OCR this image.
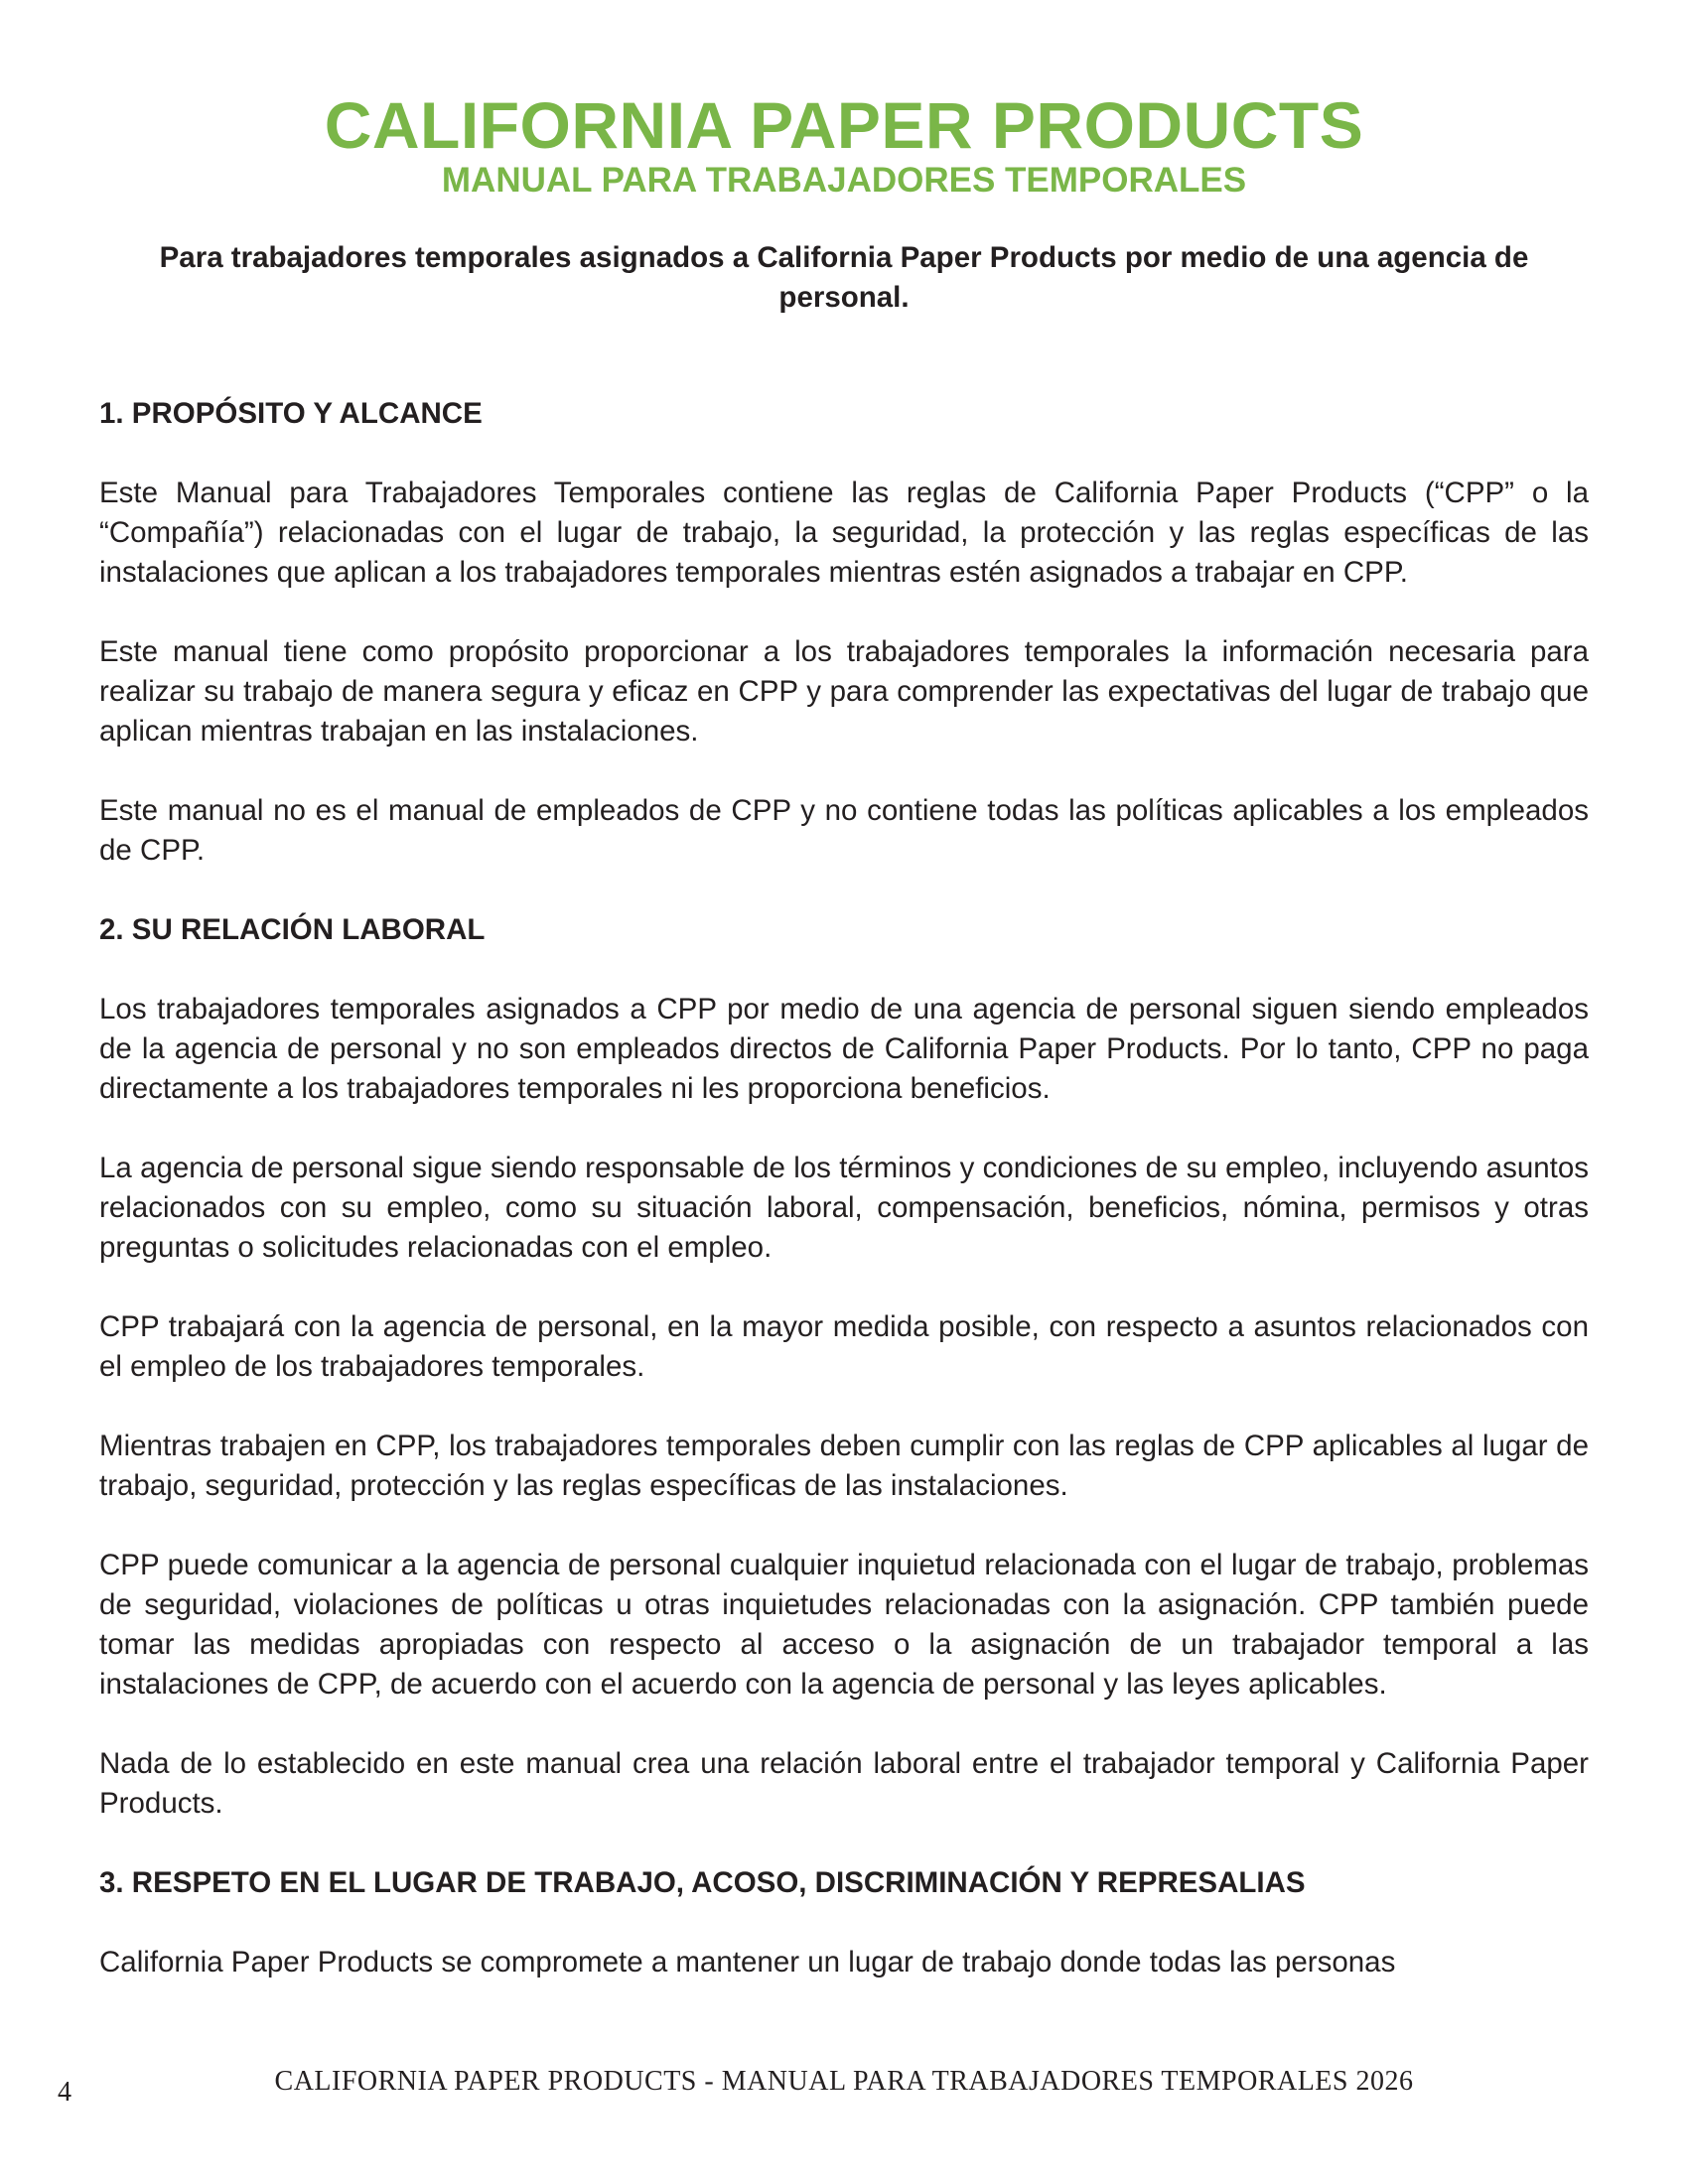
CALIFORNIA PAPER PRODUCTS
MANUAL PARA TRABAJADORES TEMPORALES
Para trabajadores temporales asignados a California Paper Products por medio de una agencia de personal.
1. PROPÓSITO Y ALCANCE

Este Manual para Trabajadores Temporales contiene las reglas de California Paper Products (“CPP” o la “Compañía”) relacionadas con el lugar de trabajo, la seguridad, la protección y las reglas específicas de las instalaciones que aplican a los trabajadores temporales mientras estén asignados a trabajar en CPP.

Este manual tiene como propósito proporcionar a los trabajadores temporales la información necesaria para realizar su trabajo de manera segura y eficaz en CPP y para comprender las expectativas del lugar de trabajo que aplican mientras trabajan en las instalaciones.

Este manual no es el manual de empleados de CPP y no contiene todas las políticas aplicables a los empleados de CPP.

2. SU RELACIÓN LABORAL

Los trabajadores temporales asignados a CPP por medio de una agencia de personal siguen siendo empleados de la agencia de personal y no son empleados directos de California Paper Products. Por lo tanto, CPP no paga directamente a los trabajadores temporales ni les proporciona beneficios.

La agencia de personal sigue siendo responsable de los términos y condiciones de su empleo, incluyendo asuntos relacionados con su empleo, como su situación laboral, compensación, beneficios, nómina, permisos y otras preguntas o solicitudes relacionadas con el empleo.

CPP trabajará con la agencia de personal, en la mayor medida posible, con respecto a asuntos relacionados con el empleo de los trabajadores temporales.

Mientras trabajen en CPP, los trabajadores temporales deben cumplir con las reglas de CPP aplicables al lugar de trabajo, seguridad, protección y las reglas específicas de las instalaciones.

CPP puede comunicar a la agencia de personal cualquier inquietud relacionada con el lugar de trabajo, problemas de seguridad, violaciones de políticas u otras inquietudes relacionadas con la asignación. CPP también puede tomar las medidas apropiadas con respecto al acceso o la asignación de un trabajador temporal a las instalaciones de CPP, de acuerdo con el acuerdo con la agencia de personal y las leyes aplicables.

Nada de lo establecido en este manual crea una relación laboral entre el trabajador temporal y California Paper Products.

3. RESPETO EN EL LUGAR DE TRABAJO, ACOSO, DISCRIMINACIÓN Y REPRESALIAS

California Paper Products se compromete a mantener un lugar de trabajo donde todas las personas

4	CALIFORNIA PAPER PRODUCTS - MANUAL PARA TRABAJADORES TEMPORALES 2026
